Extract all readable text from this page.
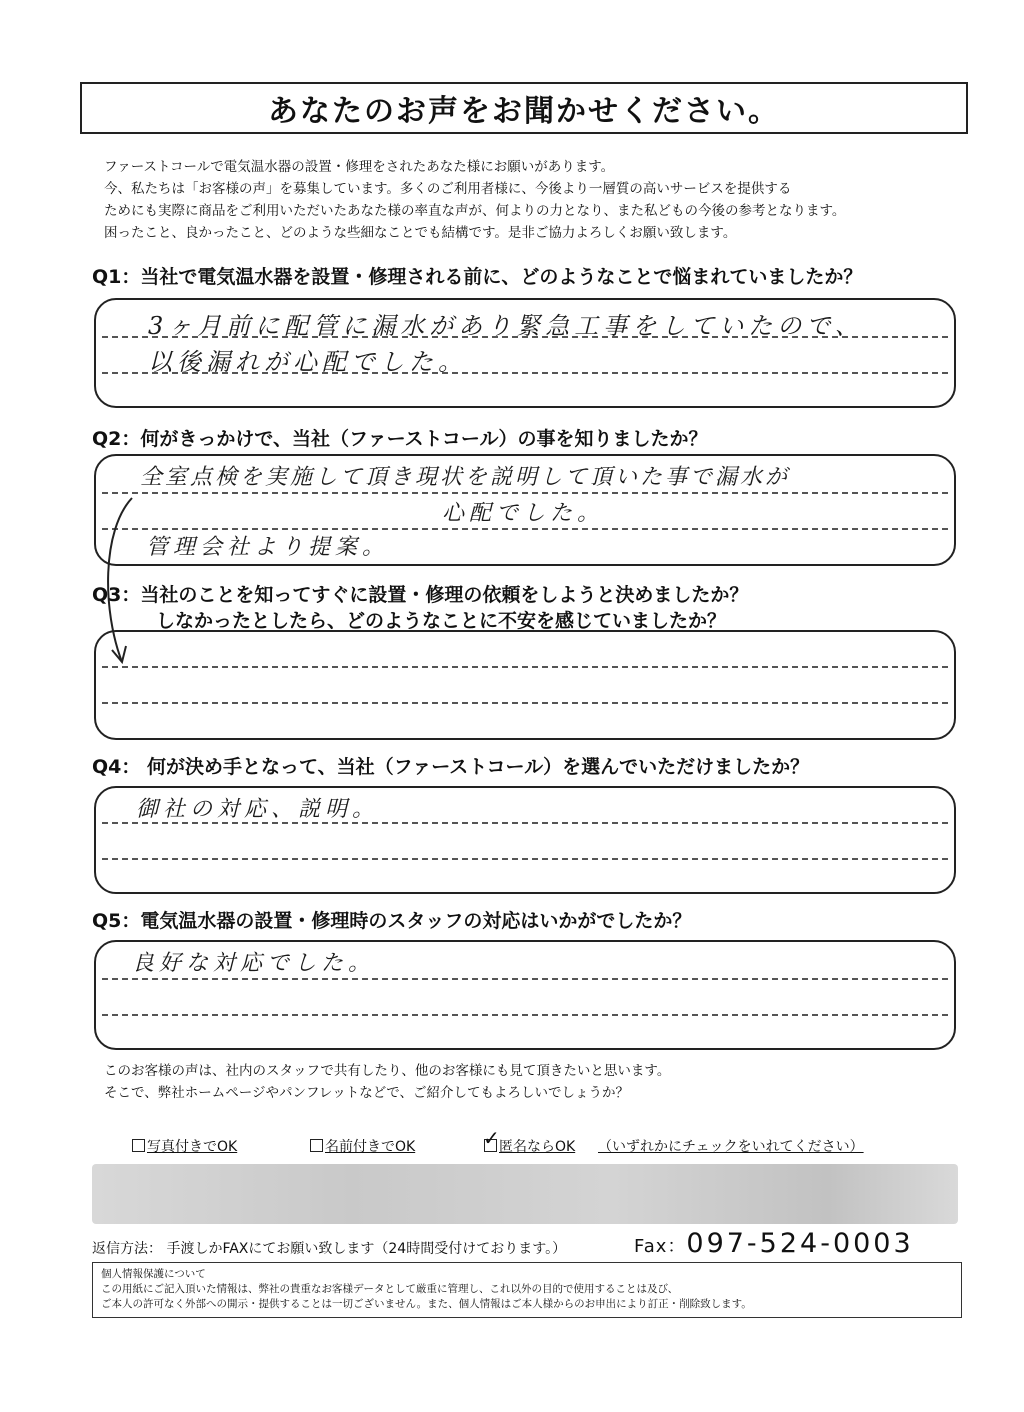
あなたのお声をお聞かせください。
ファーストコールで電気温水器の設置・修理をされたあなた様にお願いがあります。
今、私たちは「お客様の声」を募集しています。多くのご利用者様に、今後より一層質の高いサービスを提供する
ためにも実際に商品をご利用いただいたあなた様の率直な声が、何よりの力となり、また私どもの今後の参考となります。
困ったこと、良かったこと、どのような些細なことでも結構です。是非ご協力よろしくお願い致します。
Q1：当社で電気温水器を設置・修理される前に、どのようなことで悩まれていましたか？
3ヶ月前に配管に漏水があり緊急工事をしていたので、
以後漏れが心配でした。
Q2：何がきっかけで、当社（ファーストコール）の事を知りましたか？
全室点検を実施して頂き現状を説明して頂いた事で漏水が
心配でした。
管理会社より提案。
Q3：当社のことを知ってすぐに設置・修理の依頼をしようと決めましたか？
しなかったとしたら、どのようなことに不安を感じていましたか？
Q4： 何が決め手となって、当社（ファーストコール）を選んでいただけましたか？
御社の対応、説明。
Q5：電気温水器の設置・修理時のスタッフの対応はいかがでしたか？
良好な対応でした。
このお客様の声は、社内のスタッフで共有したり、他のお客様にも見て頂きたいと思います。
そこで、弊社ホームページやパンフレットなどで、ご紹介してもよろしいでしょうか？
写真付きでOK	名前付きでOK	✓ 匿名ならOK （いずれかにチェックをいれてください）
返信方法： 手渡しかFAXにてお願い致します（24時間受付けております。）	Fax：097-524-0003
個人情報保護について
この用紙にご記入頂いた情報は、弊社の貴重なお客様データとして厳重に管理し、これ以外の目的で使用することは及び、
ご本人の許可なく外部への開示・提供することは一切ございません。また、個人情報はご本人様からのお申出により訂正・削除致します。
